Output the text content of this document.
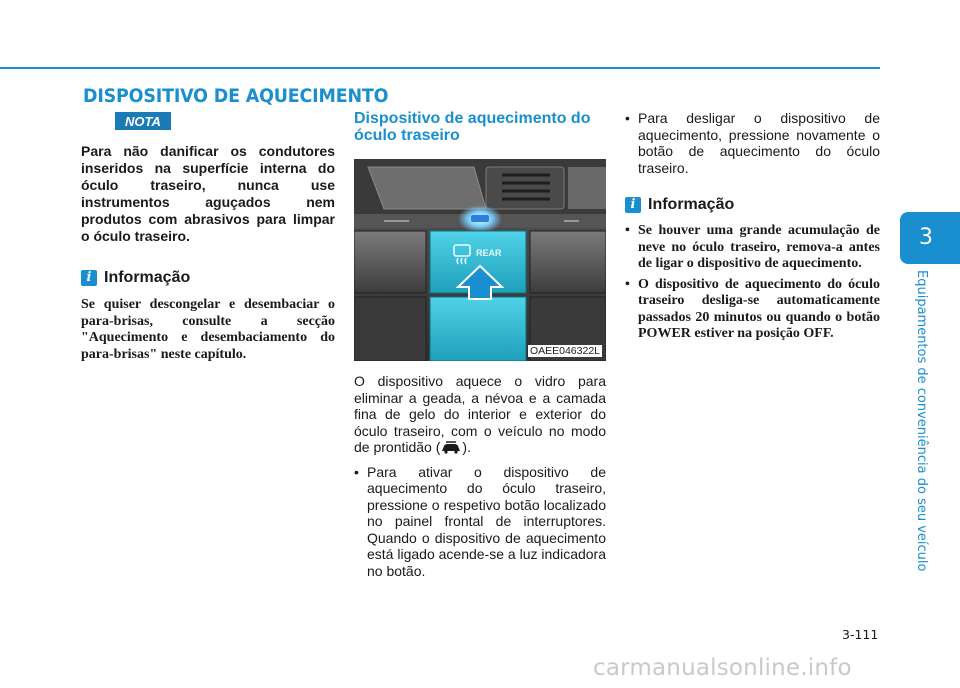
DISPOSITIVO DE AQUECIMENTO
3
Equipamentos de conveniência do seu veículo
NOTA

Para não danificar os condutores inseridos na superfície interna do óculo traseiro, nunca use instrumentos aguçados nem produtos com abrasivos para limpar o óculo traseiro.

i Informação

Se quiser descongelar e desembaciar o para-brisas, consulte a secção "Aquecimento e desembaciamento do para-brisas" neste capítulo.

Dispositivo de aquecimento do óculo traseiro
REAR
OAEE046322L

O dispositivo aquece o vidro para eliminar a geada, a névoa e a camada fina de gelo do interior e exterior do óculo traseiro, com o veículo no modo de prontidão ( ).

• Para ativar o dispositivo de aquecimento do óculo traseiro, pressione o respetivo botão localizado no painel frontal de interruptores. Quando o dispositivo de aquecimento está ligado acende-se a luz indicadora no botão.
• Para desligar o dispositivo de aquecimento, pressione novamente o botão de aquecimento do óculo traseiro.
i Informação
• Se houver uma grande acumulação de neve no óculo traseiro, remova-a antes de ligar o dispositivo de aquecimento.
• O dispositivo de aquecimento do óculo traseiro desliga-se automaticamente passados 20 minutos ou quando o botão POWER estiver na posição OFF.
3-111
carmanualsonline.info
